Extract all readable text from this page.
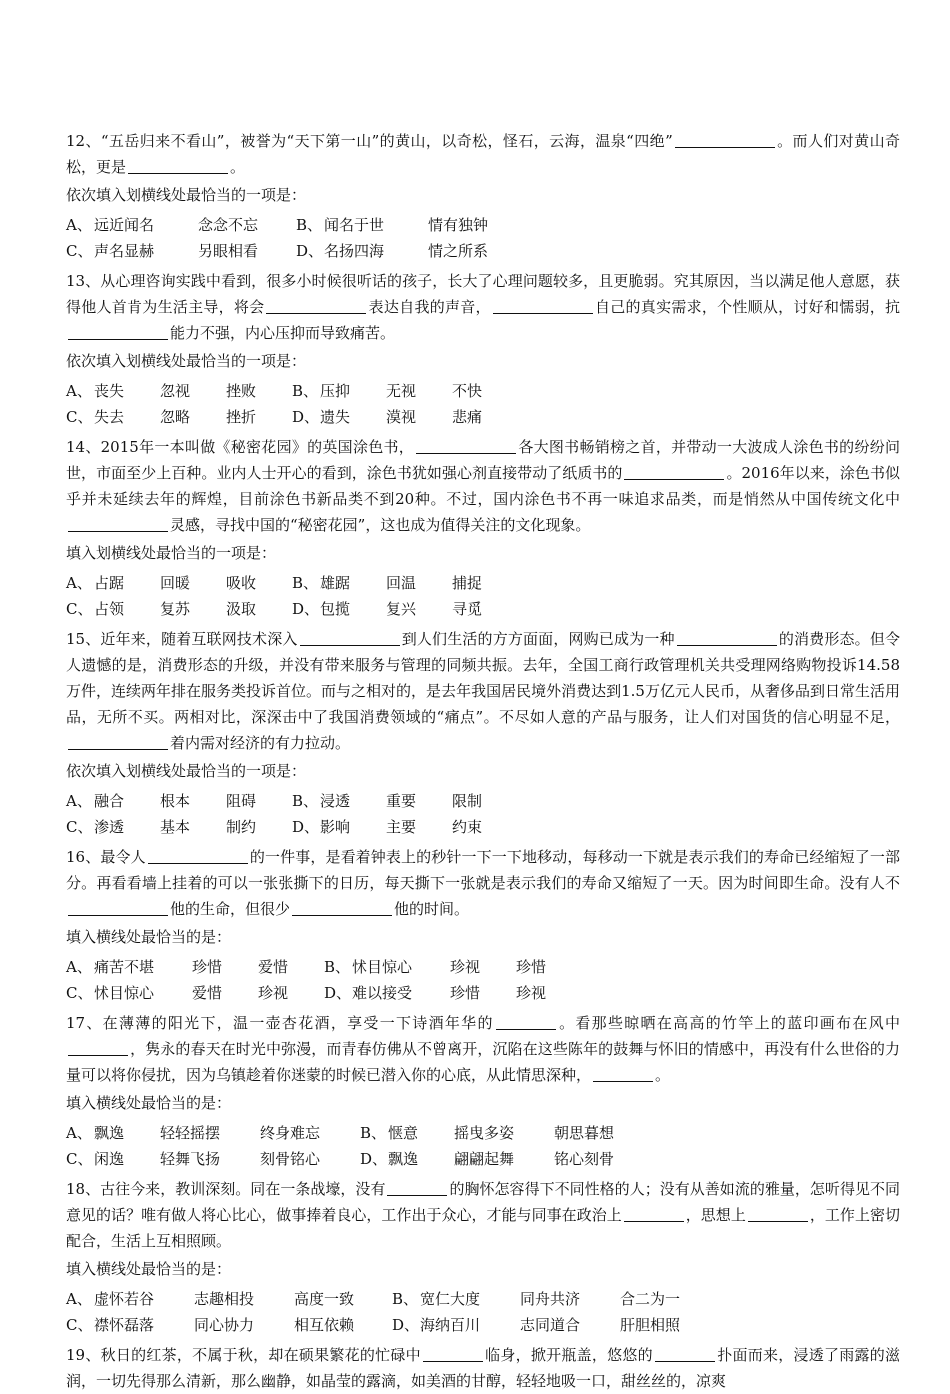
12、“五岳归来不看山”，被誉为“天下第一山”的黄山，以奇松，怪石，云海，温泉“四绝”	。而人们对黄山奇松，更是	。

依次填入划横线处最恰当的一项是：

A、 远近闻名	念念不忘	B、 闻名于世	情有独钟
C、 声名显赫	另眼相看	D、 名扬四海	情之所系

13、从心理咨询实践中看到，很多小时候很听话的孩子，长大了心理问题较多，且更脆弱。究其原因，当以满足他人意愿，获得他人首肯为生活主导，将会	表达自我的声音，	自己的真实需求，个性顺从，讨好和懦弱，抗能力不强，内心压抑而导致痛苦。

依次填入划横线处最恰当的一项是：

A、 丧失	忽视	挫败	B、 压抑	无视	不快
C、 失去	忽略	挫折	D、 遗失	漠视	悲痛

14、2015年一本叫做《秘密花园》的英国涂色书，	各大图书畅销榜之首，并带动一大波成人涂色书的纷纷问世，市面至少上百种。业内人士开心的看到，涂色书犹如强心剂直接带动了纸质书的	。2016年以来，涂色书似乎并未延续去年的辉煌，目前涂色书新品类不到20种。不过，国内涂色书不再一味追求品类，而是悄然从中国传统文化中灵感，寻找中国的“秘密花园”，这也成为值得关注的文化现象。

填入划横线处最恰当的一项是：

A、 占踞	回暖	吸收	B、 雄踞	回温	捕捉
C、 占领	复苏	汲取	D、 包揽	复兴	寻觅

15、近年来，随着互联网技术深入	到人们生活的方方面面，网购已成为一种	的消费形态。但令人遗憾的是，消费形态的升级，并没有带来服务与管理的同频共振。去年，全国工商行政管理机关共受理网络购物投诉14.58万件，连续两年排在服务类投诉首位。而与之相对的，是去年我国居民境外消费达到1.5万亿元人民币，从奢侈品到日常生活用品，无所不买。两相对比，深深击中了我国消费领域的“痛点”。不尽如人意的产品与服务，让人们对国货的信心明显不足，着内需对经济的有力拉动。

依次填入划横线处最恰当的一项是：

A、 融合	根本	阻碍	B、 浸透	重要	限制
C、 渗透	基本	制约	D、 影响	主要	约束

16、最令人	的一件事，是看着钟表上的秒针一下一下地移动，每移动一下就是表示我们的寿命已经缩短了一部分。再看看墙上挂着的可以一张张撕下的日历，每天撕下一张就是表示我们的寿命又缩短了一天。因为时间即生命。没有人不他的生命，但很少	他的时间。

填入横线处最恰当的是：

A、 痛苦不堪	珍惜	爱惜	B、 怵目惊心	珍视	珍惜
C、 怵目惊心	爱惜	珍视	D、 难以接受	珍惜	珍视

17、在薄薄的阳光下，温一壶杏花酒，享受一下诗酒年华的	。看那些晾晒在高高的竹竿上的蓝印画布在风中，隽永的春天在时光中弥漫，而青春仿佛从不曾离开，沉陷在这些陈年的鼓舞与怀旧的情感中，再没有什么世俗的力量可以将你侵扰，因为乌镇趁着你迷蒙的时候已潜入你的心底，从此情思深种，	。

填入横线处最恰当的是：

A、 飘逸	轻轻摇摆	终身难忘	B、 惬意	摇曳多姿	朝思暮想
C、 闲逸	轻舞飞扬	刻骨铭心	D、 飘逸	翩翩起舞	铭心刻骨

18、古往今来，教训深刻。同在一条战壕，没有	的胸怀怎容得下不同性格的人；没有从善如流的雅量，怎听得见不同意见的话？唯有做人将心比心，做事捧着良心，工作出于众心，才能与同事在政治上	，思想上	，工作上密切配合，生活上互相照顾。

填入横线处最恰当的是：

A、 虚怀若谷	志趣相投	高度一致	B、 宽仁大度	同舟共济	合二为一
C、 襟怀磊落	同心协力	相互依赖	D、 海纳百川	志同道合	肝胆相照

19、秋日的红茶，不属于秋，却在硕果繁花的忙碌中	临身，掀开瓶盖，悠悠的	扑面而来，浸透了雨露的滋润，一切先得那么清新，那么幽静，如晶莹的露滴，如美酒的甘醇，轻轻地吸一口，甜丝丝的，凉爽
